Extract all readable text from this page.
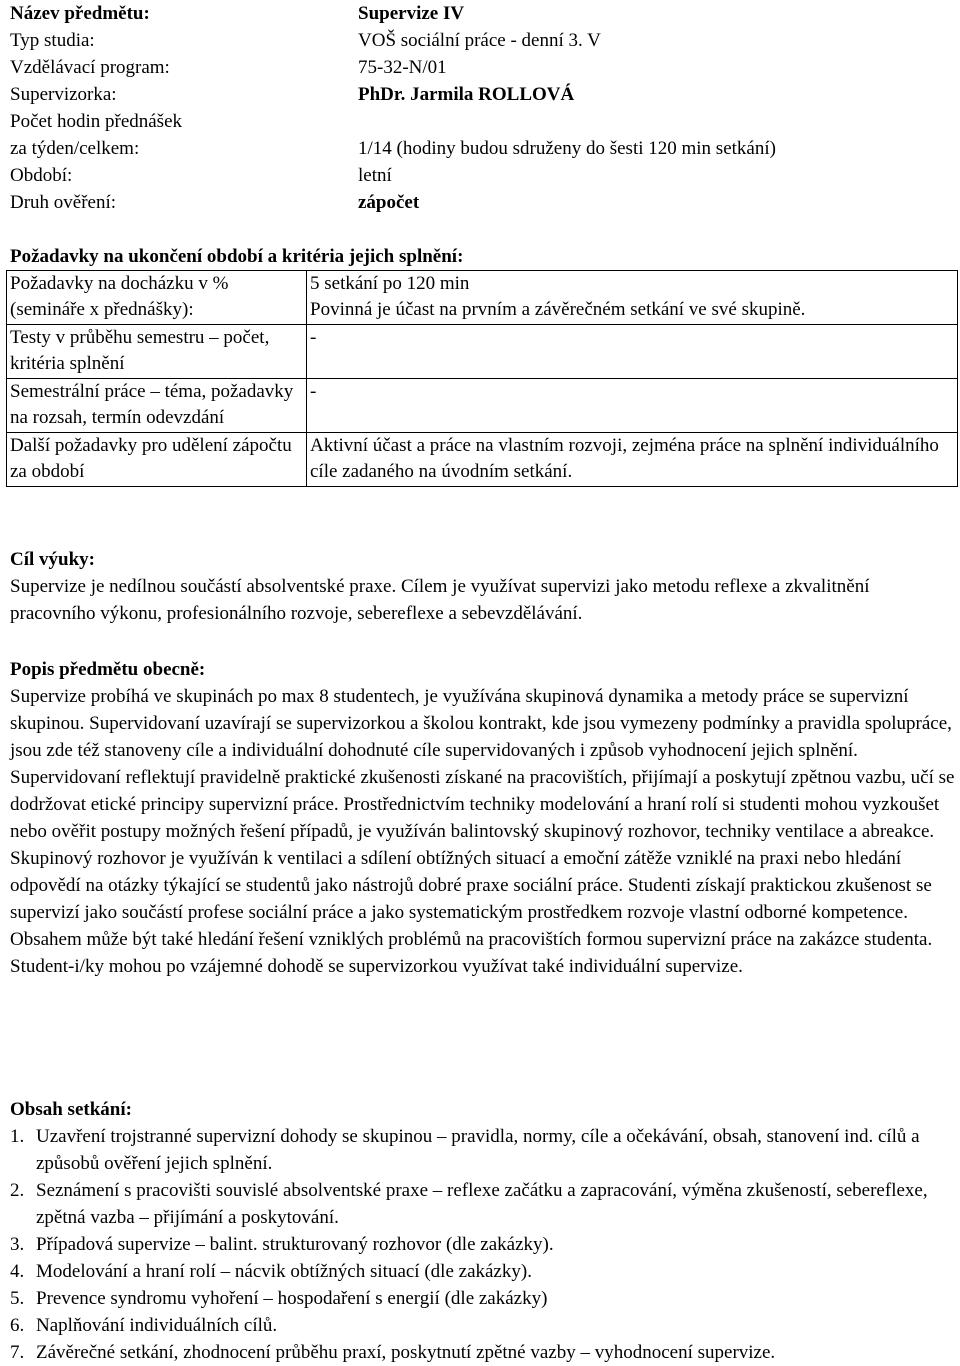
Název předmětu:	Supervize IV
Typ studia:	VOŠ sociální práce - denní 3. V
Vzdělávací program:	75-32-N/01
Supervizorka:	PhDr. Jarmila ROLLOVÁ
Počet hodin přednášek
za týden/celkem:	1/14 (hodiny budou sdruženy do šesti 120 min setkání)
Období:	letní
Druh ověření:	zápočet
Požadavky na ukončení období a kritéria jejich splnění:
Požadavky na docházku v % (semináře x přednášky):	5 setkání po 120 min
Povinná je účast na prvním a závěrečném setkání ve své skupině.
Testy v průběhu semestru – počet, kritéria splnění	-
Semestrální práce – téma, požadavky na rozsah, termín odevzdání	-
Další požadavky pro udělení zápočtu za období	Aktivní účast a práce na vlastním rozvoji, zejména práce na splnění individuálního cíle zadaného na úvodním setkání.
Cíl výuky:

Supervize je nedílnou součástí absolventské praxe. Cílem je využívat supervizi jako metodu reflexe a zkvalitnění pracovního výkonu, profesionálního rozvoje, sebereflexe a sebevzdělávání.

Popis předmětu obecně:

Supervize probíhá ve skupinách po max 8 studentech, je využívána skupinová dynamika a metody práce se supervizní skupinou. Supervidovaní uzavírají se supervizorkou a školou kontrakt, kde jsou vymezeny podmínky a pravidla spolupráce, jsou zde též stanoveny cíle a individuální dohodnuté cíle supervidovaných i způsob vyhodnocení jejich splnění. Supervidovaní reflektují pravidelně praktické zkušenosti získané na pracovištích, přijímají a poskytují zpětnou vazbu, učí se dodržovat etické principy supervizní práce. Prostřednictvím techniky modelování a hraní rolí si studenti mohou vyzkoušet nebo ověřit postupy možných řešení případů, je využíván balintovský skupinový rozhovor, techniky ventilace a abreakce. Skupinový rozhovor je využíván k ventilaci a sdílení obtížných situací a emoční zátěže vzniklé na praxi nebo hledání odpovědí na otázky týkající se studentů jako nástrojů dobré praxe sociální práce. Studenti získají praktickou zkušenost se supervizí jako součástí profese sociální práce a jako systematickým prostředkem rozvoje vlastní odborné kompetence. Obsahem může být také hledání řešení vzniklých problémů na pracovištích formou supervizní práce na zakázce studenta. Student-i/ky mohou po vzájemné dohodě se supervizorkou využívat také individuální supervize.

Obsah setkání:
1. Uzavření trojstranné supervizní dohody se skupinou – pravidla, normy, cíle a očekávání, obsah, stanovení ind. cílů a způsobů ověření jejich splnění.
2. Seznámení s pracovišti souvislé absolventské praxe – reflexe začátku a zapracování, výměna zkušeností, sebereflexe, zpětná vazba – přijímání a poskytování.
3. Případová supervize – balint. strukturovaný rozhovor (dle zakázky).
4. Modelování a hraní rolí – nácvik obtížných situací (dle zakázky).
5. Prevence syndromu vyhoření – hospodaření s energií (dle zakázky)
6. Naplňování individuálních cílů.
7. Závěrečné setkání, zhodnocení průběhu praxí, poskytnutí zpětné vazby – vyhodnocení supervize.
